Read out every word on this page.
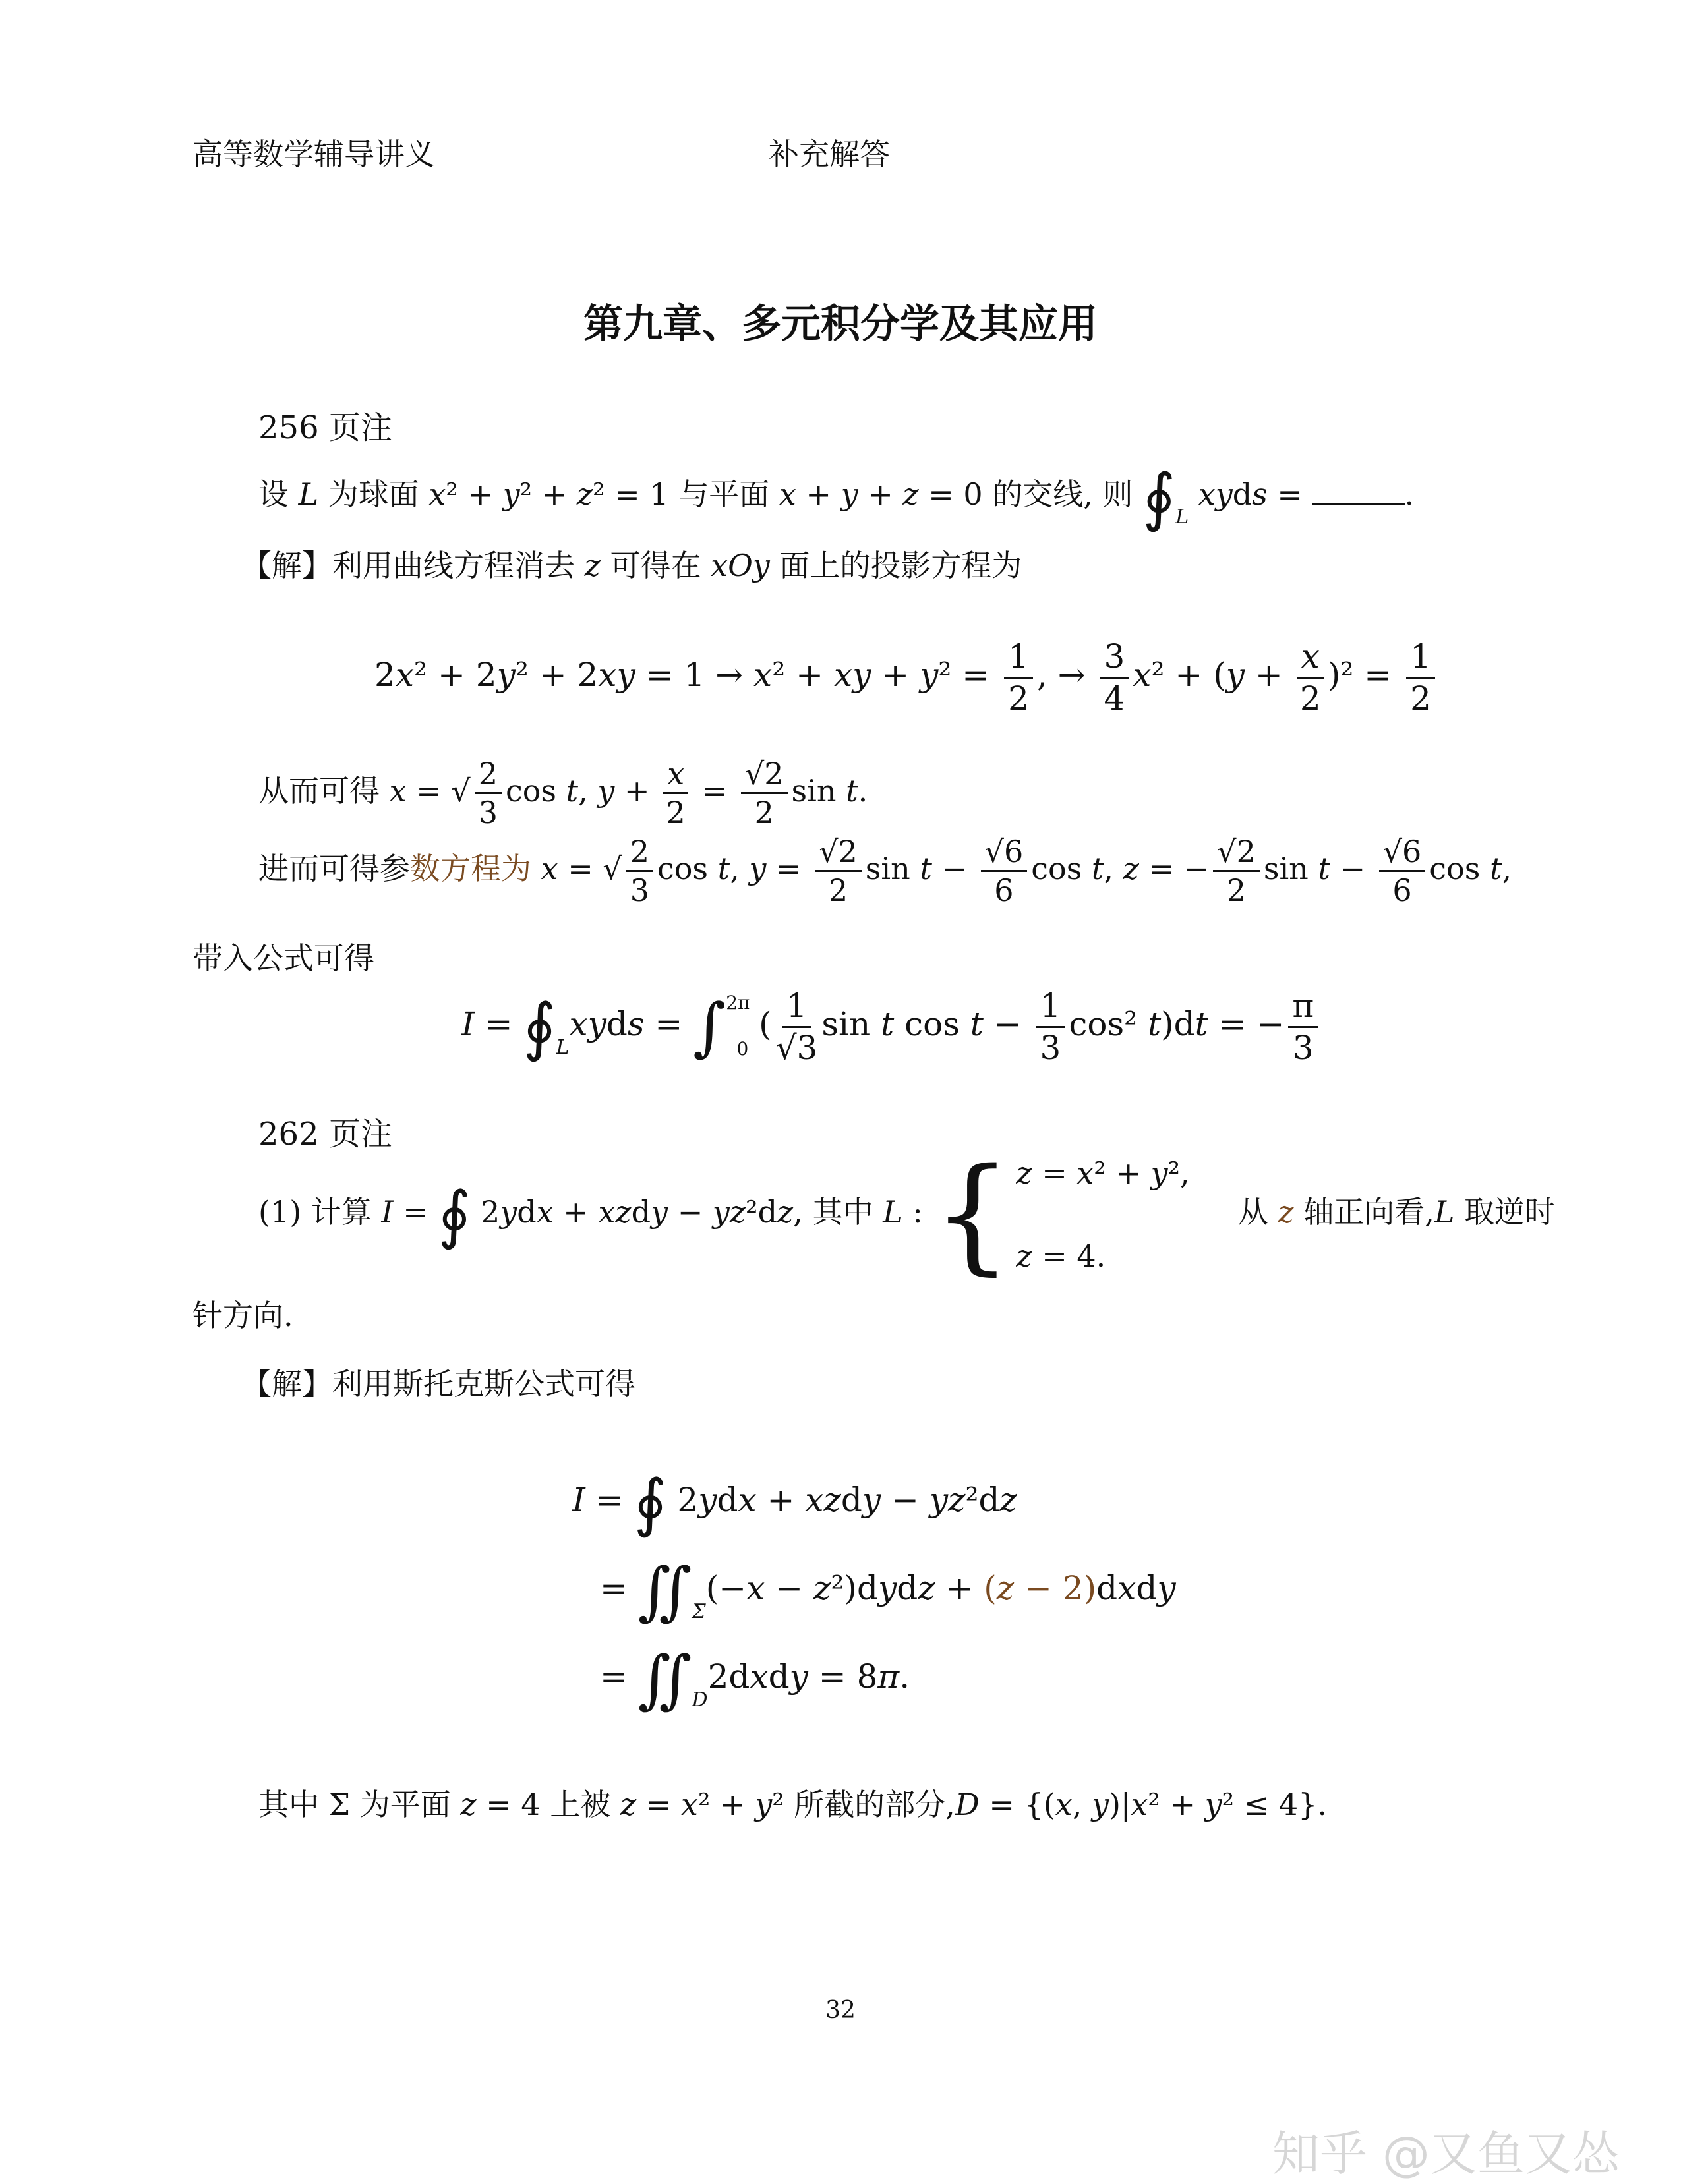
高等数学辅导讲义	补充解答
第九章、多元积分学及其应用
256 页注
设 L 为球面 x² + y² + z² = 1 与平面 x + y + z = 0 的交线, 则 $∮_L$ xyds =	.
【解】利用曲线方程消去 z 可得在 xOy 面上的投影方程为
2x² + 2y² + 2xy = 1 → x² + xy + $y^2 = \frac{1}{2}$ , → $\frac{3}{4} x^2 + (y + \frac{x}{2} )^2 = \frac{1}{2}$
从而可得 x = √ $\frac{2}{3}$ cos t, $y + \frac{x}{2} = \frac{√2}{2}$ sin t.
进而可得参数方程为 x = √ $\frac{2}{3}$ cos t, $y = \frac{√2}{2}$ $\sin t - \frac{√6}{6}$ cos t, z = − $\frac{√2}{2}$ $\sin t - \frac{√6}{6}$ cos t,
带入公式可得
$I = ∮_Lxyds = \int^{2\pi}_0$ ( $\frac{1}{√3}$ sin t $\cos t - \frac{1}{3} \cos^2$ t)dt = − $\frac{\pi}{3}$
262 页注
(1) 计算 I = ∮ 2ydx + xzdy − yz²dz, 其中 L : { z = x² + y²,
z = 4.
从 z 轴正向看,L 取逆时
针方向.
【解】利用斯托克斯公式可得
I = ∮ 2ydx + xzdy − yz²dz
= $∬_\Sigma(-x$ − z²)dydz + (z − 2)dxdy
= $∬_D2dxdy = 8\pi$.
其中 Σ 为平面 z = 4 上被 z = x² + y² 所截的部分,D = {(x, y)|x² + y² ≤ 4}.
32
知乎 @又鱼又怂
